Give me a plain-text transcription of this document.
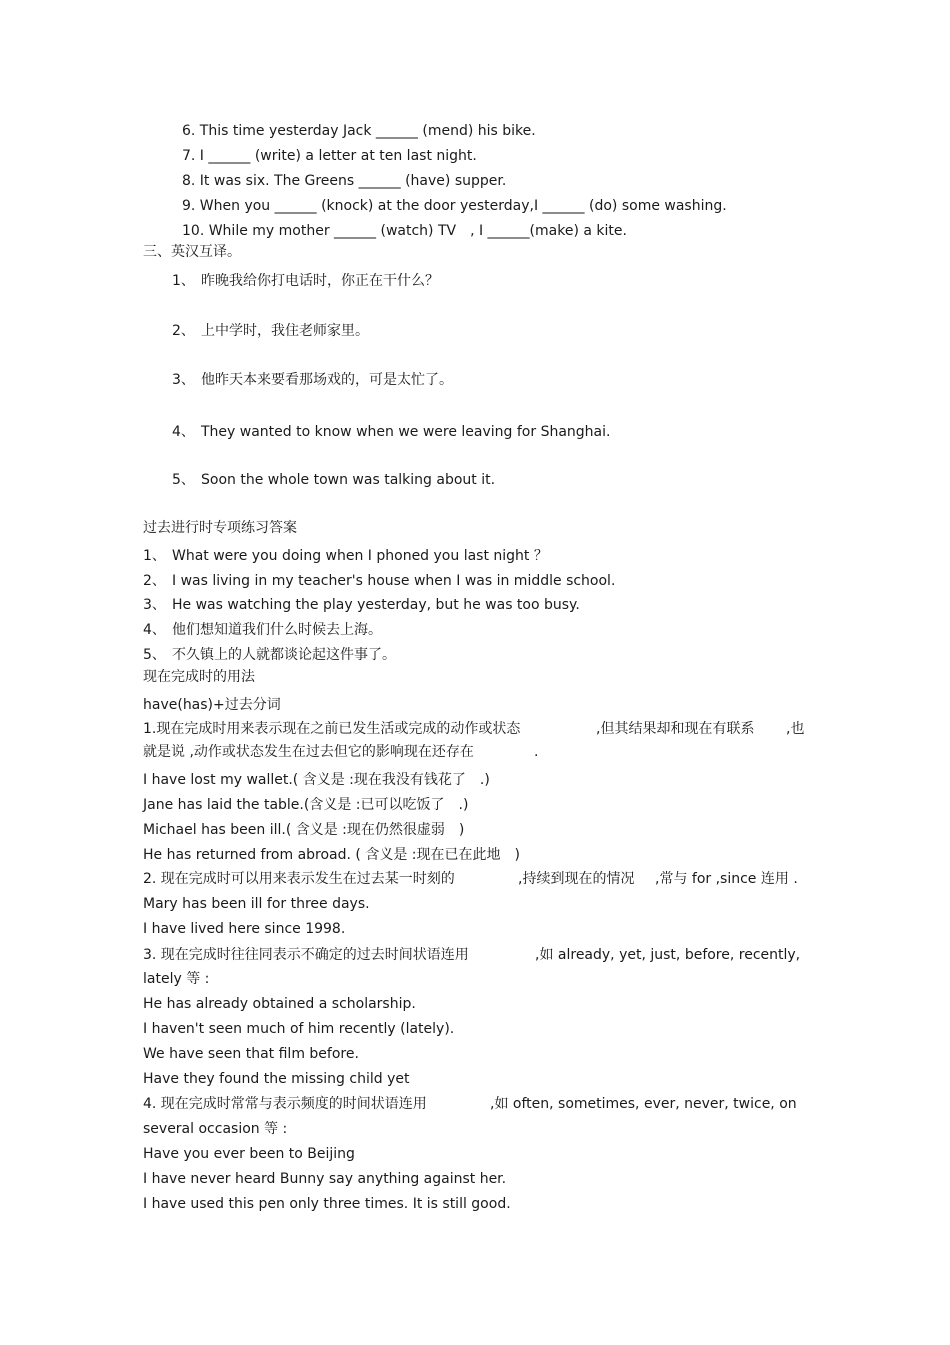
6. This time yesterday Jack ______ (mend) his bike.
7. I ______ (write) a letter at ten last night.
8. It was six. The Greens ______ (have) supper.
9. When you ______ (knock) at the door yesterday,I ______ (do) some washing.
10. While my mother ______ (watch) TV　, I ______(make) a kite.
三、英汉互译。
1、 昨晚我给你打电话时，你正在干什么？
2、 上中学时，我住老师家里。
3、 他昨天本来要看那场戏的，可是太忙了。
4、 They wanted to know when we were leaving for Shanghai.
5、 Soon the whole town was talking about it.
过去进行时专项练习答案
1、 What were you doing when I phoned you last night ？
2、 I was living in my teacher's house when I was in middle school.
3、 He was watching the play yesterday, but he was too busy.
4、 他们想知道我们什么时候去上海。
5、 不久镇上的人就都谈论起这件事了。
现在完成时的用法
have(has)+过去分词
1.现在完成时用来表示现在之前已发生活或完成的动作或状态	,但其结果却和现在有联系 ,也
就是说 ,动作或状态发生在过去但它的影响现在还存在	.
I have lost my wallet.( 含义是 :现在我没有钱花了　.)
Jane has laid the table.(含义是 :已可以吃饭了　.)
Michael has been ill.( 含义是 :现在仍然很虚弱　)
He has returned from abroad. ( 含义是 :现在已在此地　)
2. 现在完成时可以用来表示发生在过去某一时刻的	,持续到现在的情况 ,常与 for ,since 连用 .
Mary has been ill for three days.
I have lived here since 1998.
3. 现在完成时往往同表示不确定的过去时间状语连用	,如 already, yet, just, before, recently,
lately 等 :
He has already obtained a scholarship.
I haven't seen much of him recently (lately).
We have seen that film before.
Have they found the missing child yet
4. 现在完成时常常与表示频度的时间状语连用	,如 often, sometimes, ever, never, twice, on
several occasion 等 :
Have you ever been to Beijing
I have never heard Bunny say anything against her.
I have used this pen only three times. It is still good.
